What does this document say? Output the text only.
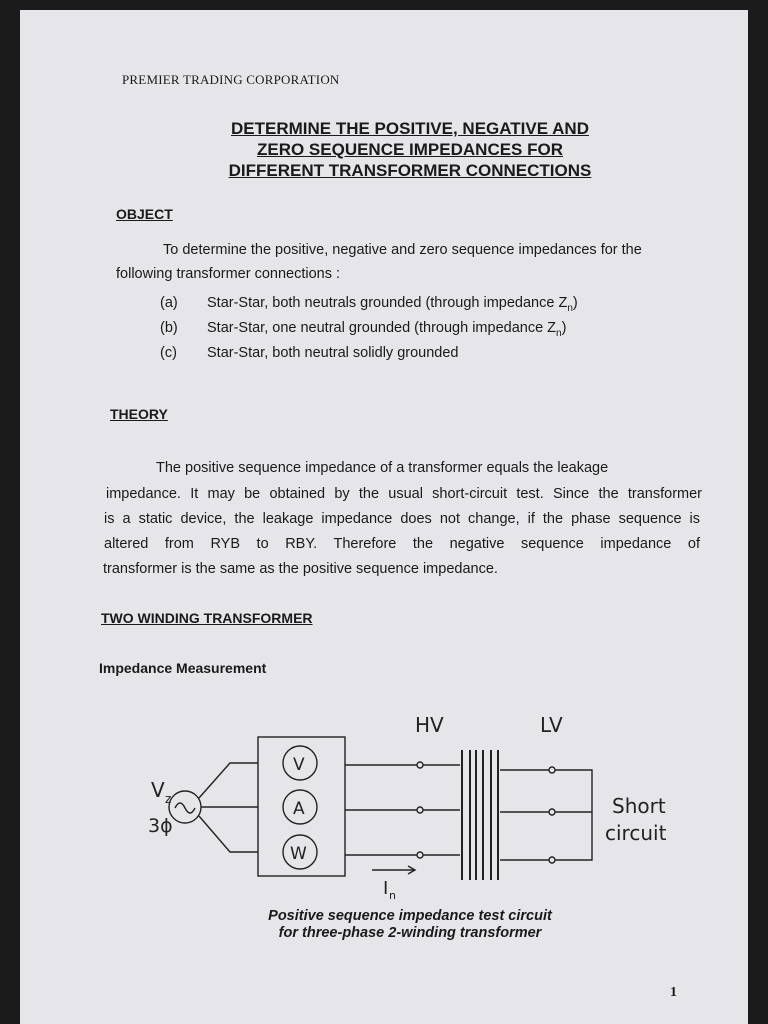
PREMIER TRADING CORPORATION
DETERMINE THE POSITIVE, NEGATIVE AND
ZERO SEQUENCE IMPEDANCES FOR
DIFFERENT TRANSFORMER CONNECTIONS
OBJECT
To determine the positive, negative and zero sequence impedances for the
following transformer connections :
(a) Star-Star, both neutrals grounded (through impedance $Z_n$)
(b) Star-Star, one neutral grounded (through impedance $Z_n$)
(c) Star-Star, both neutral solidly grounded
THEORY
The positive sequence impedance of a transformer equals the leakage
impedance. It may be obtained by the usual short-circuit test. Since the transformer
is a static device, the leakage impedance does not change, if the phase sequence is
altered from RYB to RBY. Therefore the negative sequence impedance of
transformer is the same as the positive sequence impedance.
TWO WINDING TRANSFORMER
Impedance Measurement
HV	LV
V z
3ϕ
V
A
W
Short
circuit
I n
Positive sequence impedance test circuit
for three-phase 2-winding transformer
1
